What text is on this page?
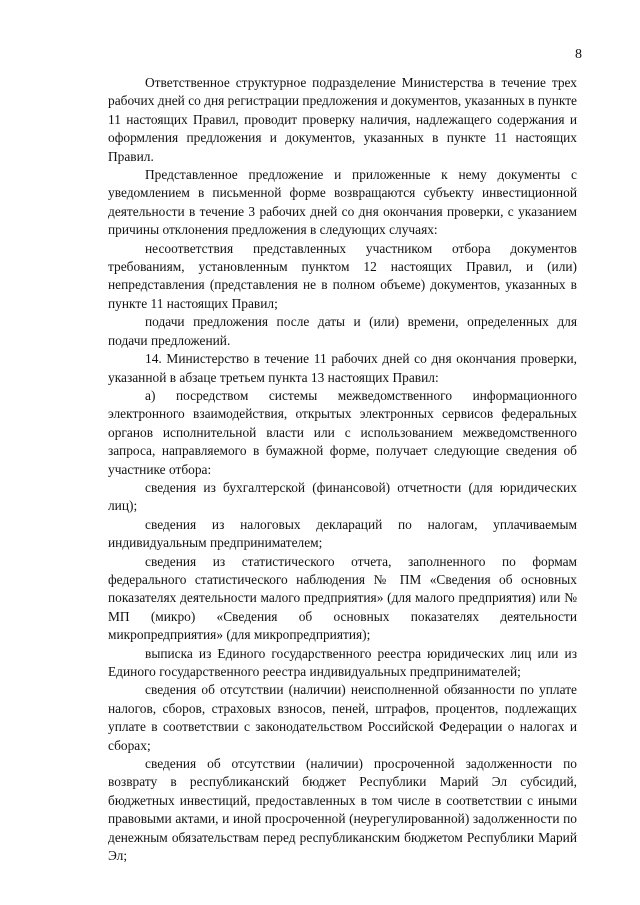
8

Ответственное структурное подразделение Министерства в течение трех рабочих дней со дня регистрации предложения и документов, указанных в пункте 11 настоящих Правил, проводит проверку наличия, надлежащего содержания и оформления предложения и документов, указанных в пункте 11 настоящих Правил.

Представленное предложение и приложенные к нему документы с уведомлением в письменной форме возвращаются субъекту инвестиционной деятельности в течение 3 рабочих дней со дня окончания проверки, с указанием причины отклонения предложения в следующих случаях:

несоответствия представленных участником отбора документов требованиям, установленным пунктом 12 настоящих Правил, и (или) непредставления (представления не в полном объеме) документов, указанных в пункте 11 настоящих Правил;

подачи предложения после даты и (или) времени, определенных для подачи предложений.

14. Министерство в течение 11 рабочих дней со дня окончания проверки, указанной в абзаце третьем пункта 13 настоящих Правил:

а) посредством системы межведомственного информационного электронного взаимодействия, открытых электронных сервисов федеральных органов исполнительной власти или с использованием межведомственного запроса, направляемого в бумажной форме, получает следующие сведения об участнике отбора:

сведения из бухгалтерской (финансовой) отчетности (для юридических лиц);

сведения из налоговых деклараций по налогам, уплачиваемым индивидуальным предпринимателем;

сведения из статистического отчета, заполненного по формам федерального статистического наблюдения № ПМ «Сведения об основных показателях деятельности малого предприятия» (для малого предприятия) или № МП (микро) «Сведения об основных показателях деятельности микропредприятия» (для микропредприятия);

выписка из Единого государственного реестра юридических лиц или из Единого государственного реестра индивидуальных предпринимателей;

сведения об отсутствии (наличии) неисполненной обязанности по уплате налогов, сборов, страховых взносов, пеней, штрафов, процентов, подлежащих уплате в соответствии с законодательством Российской Федерации о налогах и сборах;

сведения об отсутствии (наличии) просроченной задолженности по возврату в республиканский бюджет Республики Марий Эл субсидий, бюджетных инвестиций, предоставленных в том числе в соответствии с иными правовыми актами, и иной просроченной (неурегулированной) задолженности по денежным обязательствам перед республиканским бюджетом Республики Марий Эл;
